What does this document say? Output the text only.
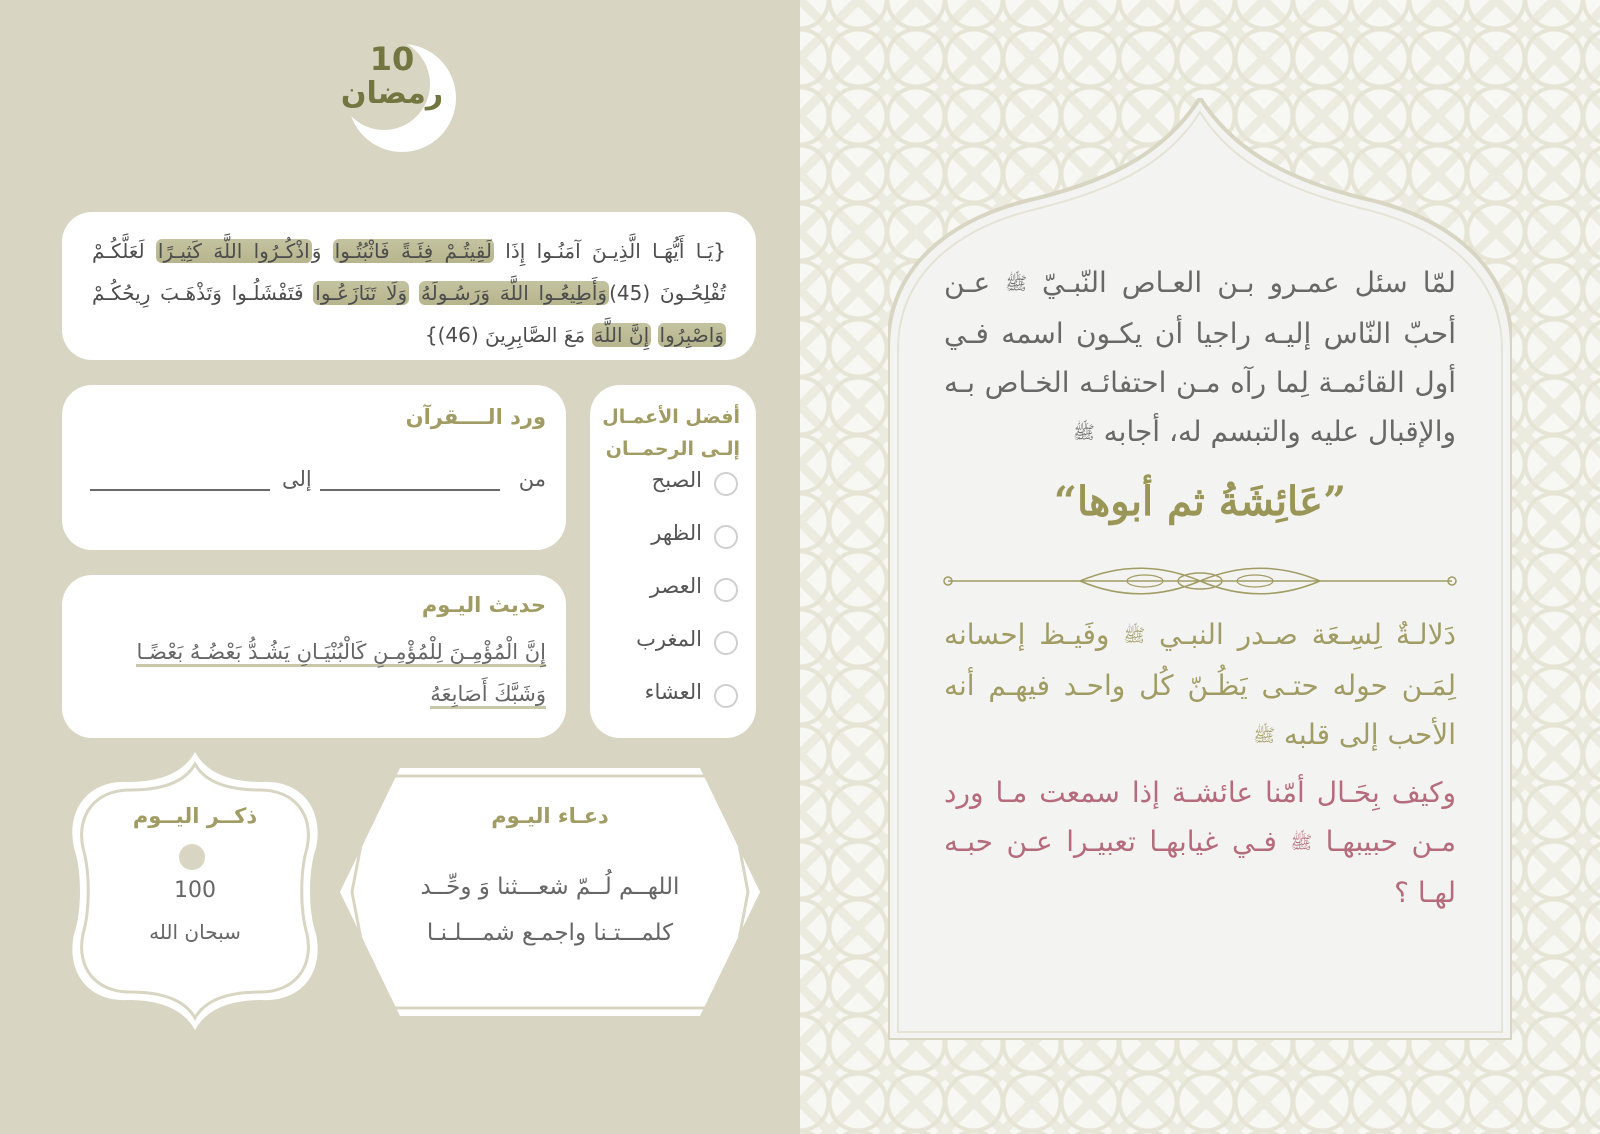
10
رمضان
{يَـا أَيُّهَـا الَّذِيـنَ آمَنُـوا إِذَا لَقِيتُـمْ فِئَـةً فَاثْبُتُـوا وَاذْكُـرُوا اللَّهَ كَثِيـرًا لَعَلَّكُـمْ تُفْلِحُـونَ (45)وَأَطِيعُـوا اللَّهَ وَرَسُـولَهُ وَلَا تَنَازَعُـوا فَتَفْشَلُـوا وَتَذْهَـبَ رِيحُكُـمْ وَاصْبِرُوا إِنَّ اللَّهَ مَعَ الصَّابِرِينَ (46)}
ورد الــــقرآن
من
إلى
حديث اليـوم
إِنَّ الْمُؤْمِـنَ لِلْمُؤْمِـنِ كَالْبُنْيَـانِ يَشُـدُّ بَعْضُـهُ بَعْضًـا
وَشَبَّكَ أَصَابِعَهُ
أفضل الأعمـال إلـى الرحمــان
الصبح
الظهر
العصر
المغرب
العشاء
ذكــر اليــوم
100
سبحان الله
دعـاء اليـوم
اللهــم لُــمّ شعـــثنا وَ وحِّــد
كلمـــتـنا واجمـع شمـــلـنـا
لمّا سئل عمـرو بـن العـاص النّبـيّ ﷺ عـن أحبّ النّاس إليـه راجيا أن يكـون اسمه فـي أول القائمـة لِما رآه مـن احتفائـه الخـاص بـه والإقبال عليه والتبسم له، أجابه ﷺ
“عَائِشَةُ ثم أبوها”
دَلالـةٌ لِسِـعَة صـدر النبـي ﷺ وفَيـظ إحسانه لِمَـن حوله حتـى يَظُـنّ كُل واحـد فيهـم أنه الأحب إلى قلبه ﷺ
وكيف بِحَـال أمّنا عائشـة إذا سمعت مـا ورد مـن حبيبهـا ﷺ فـي غيابهـا تعبيـرا عـن حبـه لهـا ؟
